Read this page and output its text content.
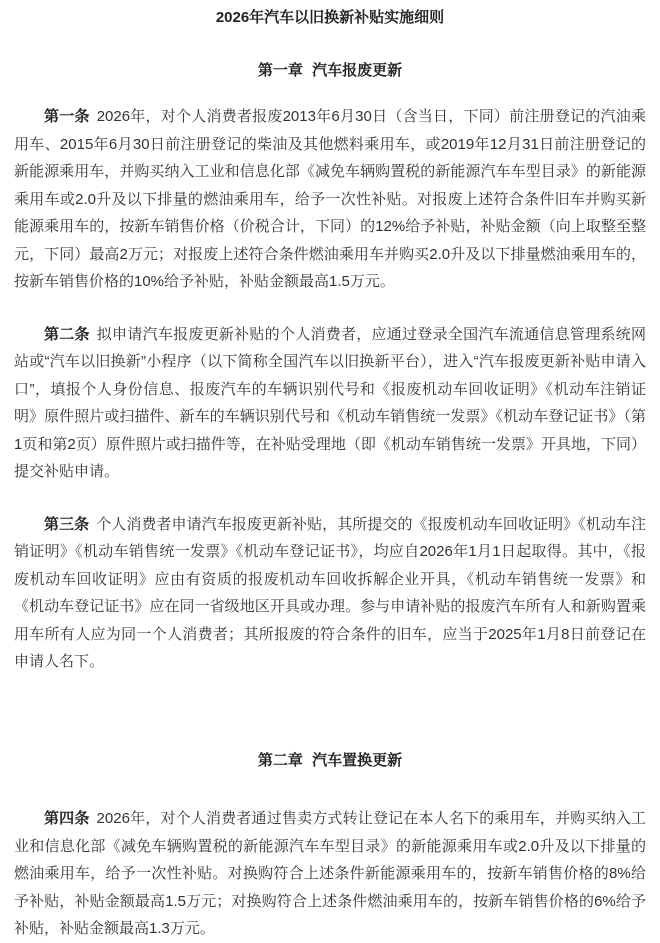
2026年汽车以旧换新补贴实施细则
第一章 汽车报废更新

第一条 2026年，对个人消费者报废2013年6月30日（含当日，下同）前注册登记的汽油乘用车、2015年6月30日前注册登记的柴油及其他燃料乘用车，或2019年12月31日前注册登记的新能源乘用车，并购买纳入工业和信息化部《减免车辆购置税的新能源汽车车型目录》的新能源乘用车或2.0升及以下排量的燃油乘用车，给予一次性补贴。对报废上述符合条件旧车并购买新能源乘用车的，按新车销售价格（价税合计，下同）的12%给予补贴，补贴金额（向上取整至整元，下同）最高2万元；对报废上述符合条件燃油乘用车并购买2.0升及以下排量燃油乘用车的，按新车销售价格的10%给予补贴，补贴金额最高1.5万元。

第二条 拟申请汽车报废更新补贴的个人消费者，应通过登录全国汽车流通信息管理系统网站或“汽车以旧换新”小程序（以下简称全国汽车以旧换新平台），进入“汽车报废更新补贴申请入口”，填报个人身份信息、报废汽车的车辆识别代号和《报废机动车回收证明》《机动车注销证明》原件照片或扫描件、新车的车辆识别代号和《机动车销售统一发票》《机动车登记证书》（第1页和第2页）原件照片或扫描件等，在补贴受理地（即《机动车销售统一发票》开具地，下同）提交补贴申请。

第三条 个人消费者申请汽车报废更新补贴，其所提交的《报废机动车回收证明》《机动车注销证明》《机动车销售统一发票》《机动车登记证书》，均应自2026年1月1日起取得。其中，《报废机动车回收证明》应由有资质的报废机动车回收拆解企业开具，《机动车销售统一发票》和《机动车登记证书》应在同一省级地区开具或办理。参与申请补贴的报废汽车所有人和新购置乘用车所有人应为同一个人消费者；其所报废的符合条件的旧车，应当于2025年1月8日前登记在申请人名下。

第二章 汽车置换更新

第四条 2026年，对个人消费者通过售卖方式转让登记在本人名下的乘用车，并购买纳入工业和信息化部《减免车辆购置税的新能源汽车车型目录》的新能源乘用车或2.0升及以下排量的燃油乘用车，给予一次性补贴。对换购符合上述条件新能源乘用车的，按新车销售价格的8%给予补贴，补贴金额最高1.5万元；对换购符合上述条件燃油乘用车的，按新车销售价格的6%给予补贴，补贴金额最高1.3万元。
